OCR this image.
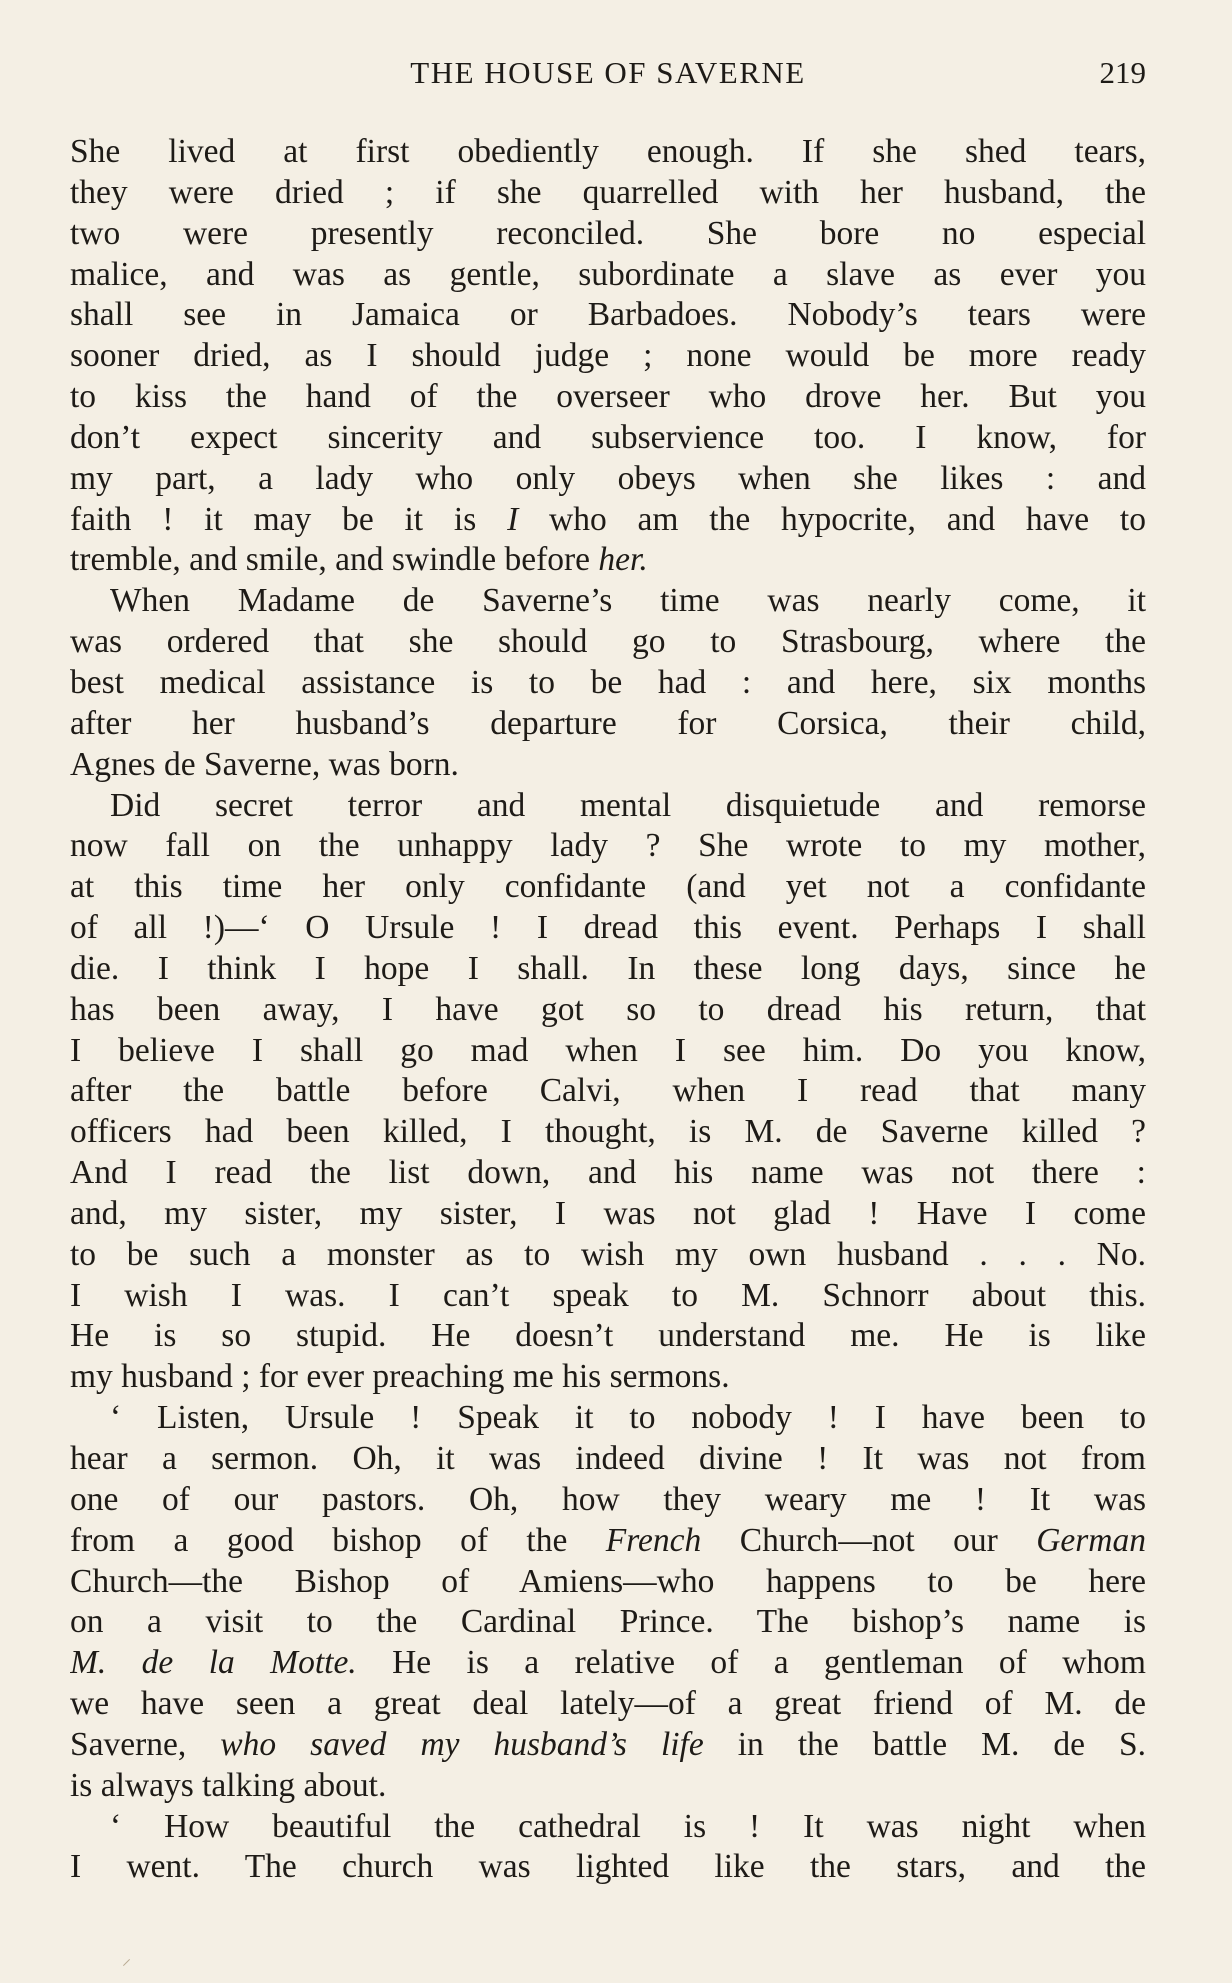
THE HOUSE OF SAVERNE	219
She lived at first obediently enough. If she shed tears,
they were dried ; if she quarrelled with her husband, the
two were presently reconciled. She bore no especial
malice, and was as gentle, subordinate a slave as ever you
shall see in Jamaica or Barbadoes. Nobody’s tears were
sooner dried, as I should judge ; none would be more ready
to kiss the hand of the overseer who drove her. But you
don’t expect sincerity and subservience too. I know, for
my part, a lady who only obeys when she likes : and
faith ! it may be it is I who am the hypocrite, and have to
tremble, and smile, and swindle before her.
When Madame de Saverne’s time was nearly come, it
was ordered that she should go to Strasbourg, where the
best medical assistance is to be had : and here, six months
after her husband’s departure for Corsica, their child,
Agnes de Saverne, was born.
Did secret terror and mental disquietude and remorse
now fall on the unhappy lady ? She wrote to my mother,
at this time her only confidante (and yet not a confidante
of all !)—‘ O Ursule ! I dread this event. Perhaps I shall
die. I think I hope I shall. In these long days, since he
has been away, I have got so to dread his return, that
I believe I shall go mad when I see him. Do you know,
after the battle before Calvi, when I read that many
officers had been killed, I thought, is M. de Saverne killed ?
And I read the list down, and his name was not there :
and, my sister, my sister, I was not glad ! Have I come
to be such a monster as to wish my own husband . . . No.
I wish I was. I can’t speak to M. Schnorr about this.
He is so stupid. He doesn’t understand me. He is like
my husband ; for ever preaching me his sermons.
‘ Listen, Ursule ! Speak it to nobody ! I have been to
hear a sermon. Oh, it was indeed divine ! It was not from
one of our pastors. Oh, how they weary me ! It was
from a good bishop of the French Church—not our German
Church—the Bishop of Amiens—who happens to be here
on a visit to the Cardinal Prince. The bishop’s name is
M. de la Motte. He is a relative of a gentleman of whom
we have seen a great deal lately—of a great friend of M. de
Saverne, who saved my husband’s life in the battle M. de S.
is always talking about.
‘ How beautiful the cathedral is ! It was night when
I went. The church was lighted like the stars, and the
